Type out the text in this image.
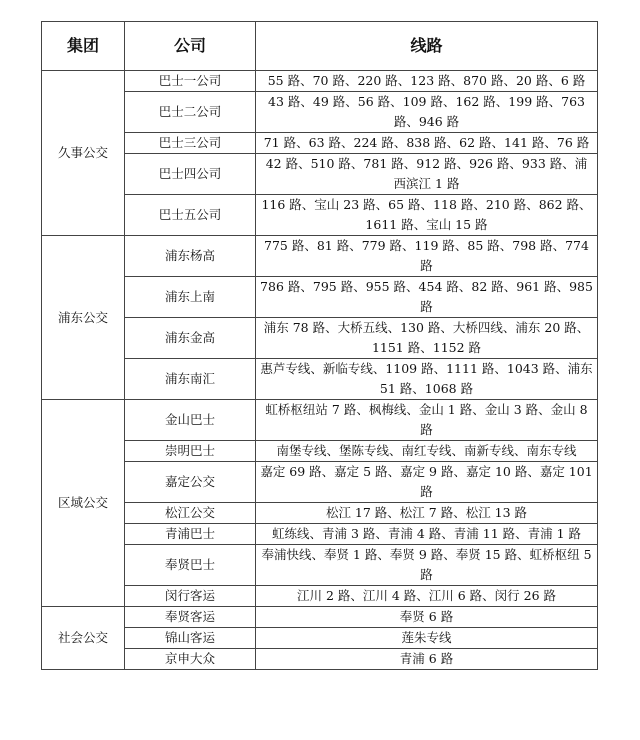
集团	公司	线路
久事公交	巴士一公司	55 路、70 路、220 路、123 路、870 路、20 路、6 路
	巴士二公司	43 路、49 路、56 路、109 路、162 路、199 路、763 路、946 路
	巴士三公司	71 路、63 路、224 路、838 路、62 路、141 路、76 路
	巴士四公司	42 路、510 路、781 路、912 路、926 路、933 路、浦西滨江 1 路
	巴士五公司	116 路、宝山 23 路、65 路、118 路、210 路、862 路、1611 路、宝山 15 路
浦东公交	浦东杨高	775 路、81 路、779 路、119 路、85 路、798 路、774 路
	浦东上南	786 路、795 路、955 路、454 路、82 路、961 路、985 路
	浦东金高	浦东 78 路、大桥五线、130 路、大桥四线、浦东 20 路、1151 路、1152 路
	浦东南汇	惠芦专线、新临专线、1109 路、1111 路、1043 路、浦东 51 路、1068 路
区域公交	金山巴士	虹桥枢纽站 7 路、枫梅线、金山 1 路、金山 3 路、金山 8 路
	崇明巴士	南堡专线、堡陈专线、南红专线、南新专线、南东专线
	嘉定公交	嘉定 69 路、嘉定 5 路、嘉定 9 路、嘉定 10 路、嘉定 101 路
	松江公交	松江 17 路、松江 7 路、松江 13 路
	青浦巴士	虹练线、青浦 3 路、青浦 4 路、青浦 11 路、青浦 1 路
	奉贤巴士	奉浦快线、奉贤 1 路、奉贤 9 路、奉贤 15 路、虹桥枢纽 5 路
	闵行客运	江川 2 路、江川 4 路、江川 6 路、闵行 26 路
社会公交	奉贤客运	奉贤 6 路
	锦山客运	莲朱专线
	京申大众	青浦 6 路
